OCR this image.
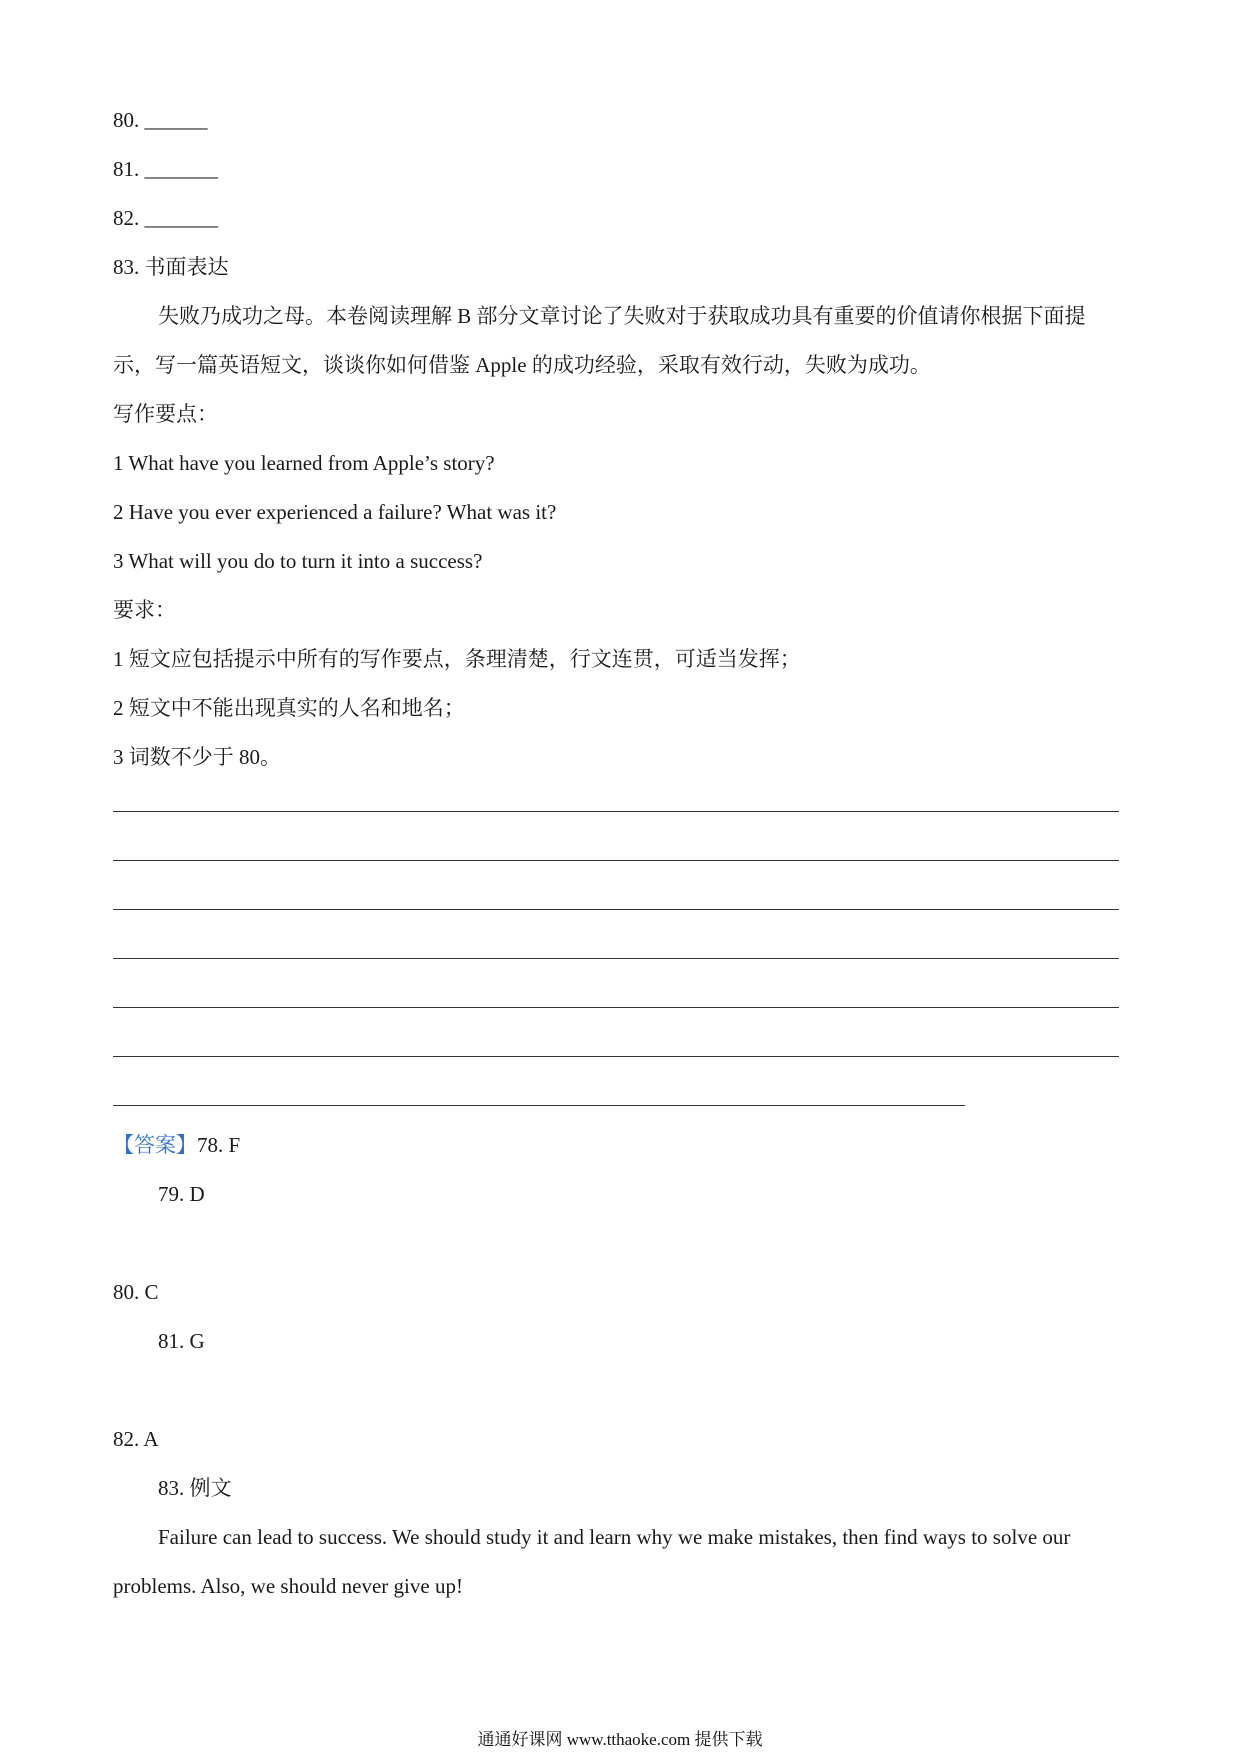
80. ______
81. _______
82. _______
83. 书面表达
失败乃成功之母。本卷阅读理解 B 部分文章讨论了失败对于获取成功具有重要的价值请你根据下面提
示，写一篇英语短文，谈谈你如何借鉴 Apple 的成功经验，采取有效行动，失败为成功。
写作要点：
1 What have you learned from Apple’s story?
2 Have you ever experienced a failure? What was it?
3 What will you do to turn it into a success?
要求：
1 短文应包括提示中所有的写作要点，条理清楚，行文连贯，可适当发挥；
2 短文中不能出现真实的人名和地名；
3 词数不少于 80。
【答案】78. F
79. D
80. C
81. G
82. A
83. 例文
Failure can lead to success. We should study it and learn why we make mistakes, then find ways to solve our
problems. Also, we should never give up!
通通好课网 www.tthaoke.com 提供下载
